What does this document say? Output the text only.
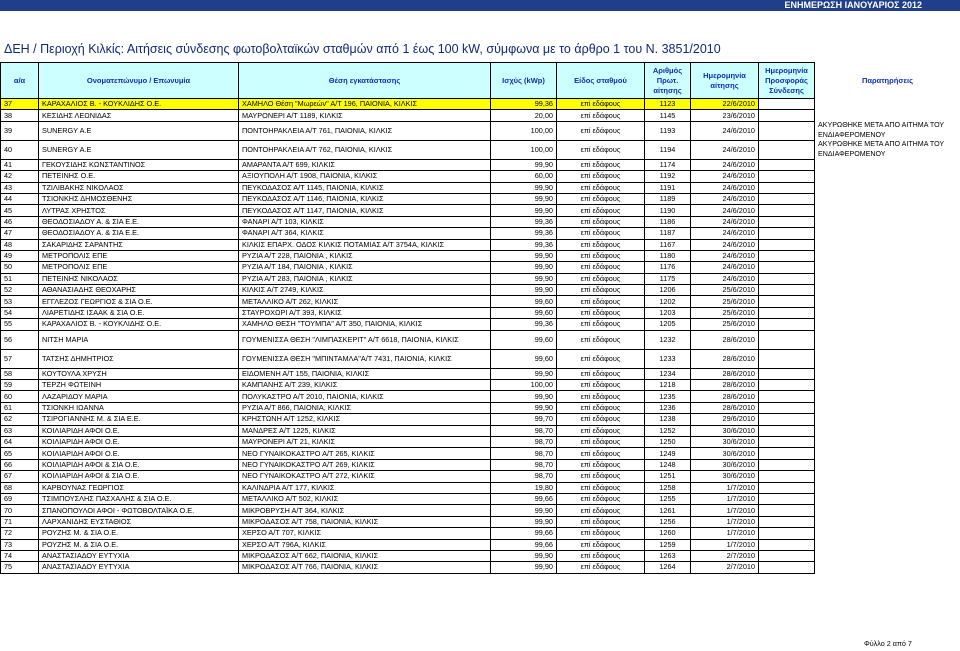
ΕΝΗΜΕΡΩΣΗ ΙΑΝΟΥΑΡΙΟΣ 2012
ΔΕΗ / Περιοχή Κιλκίς: Αιτήσεις σύνδεσης φωτοβολταϊκών σταθμών από 1 έως 100 kW, σύμφωνα με το άρθρο 1 του Ν. 3851/2010
α/α	Ονοματεπώνυμο / Επωνυμία	Θέση εγκατάστασης	Ισχύς (kWp)	Είδος σταθμού	Αριθμός Πρωτ. αίτησης	Ημερομηνία αίτησης	Ημερομηνία Προσφοράς Σύνδεσης	Παρατηρήσεις
37	ΚΑΡΑΧΑΛΙΟΣ Β. - ΚΟΥΚΛΙΔΗΣ Ο.Ε.	ΧΑΜΗΛΟ Θέση "Μωρεών" Α/Τ 196, ΠΑΙΟΝΙΑ, ΚΙΛΚΙΣ	99,36	επί εδάφους	1123	22/6/2010		
38	ΚΕΣΙΔΗΣ ΛΕΩΝΙΔΑΣ	ΜΑΥΡΟΝΕΡΙ Α/Τ 1189, ΚΙΛΚΙΣ	20,00	επί εδάφους	1145	23/6/2010		
39	SUNERGY A.E	ΠΟΝΤΟΗΡΑΚΛΕΙΑ Α/Τ 761, ΠΑΙΟΝΙΑ, ΚΙΛΚΙΣ	100,00	επί εδάφους	1193	24/6/2010		ΑΚΥΡΩΘΗΚΕ ΜΕΤΑ ΑΠΟ ΑΙΤΗΜΑ ΤΟΥ ΕΝΔΙΑΦΕΡΟΜΕΝΟΥ
40	SUNERGY A.E	ΠΟΝΤΟΗΡΑΚΛΕΙΑ Α/Τ 762, ΠΑΙΟΝΙΑ, ΚΙΛΚΙΣ	100,00	επί εδάφους	1194	24/6/2010		ΑΚΥΡΩΘΗΚΕ ΜΕΤΑ ΑΠΟ ΑΙΤΗΜΑ ΤΟΥ ΕΝΔΙΑΦΕΡΟΜΕΝΟΥ
41	ΓΕΚΟΥΣΙΔΗΣ ΚΩΝΣΤΑΝΤΙΝΟΣ	ΑΜΑΡΑΝΤΑ Α/Τ 699, ΚΙΛΚΙΣ	99,90	επί εδάφους	1174	24/6/2010		
42	ΠΕΤΕΙΝΗΣ Ο.Ε.	ΑΞΙΟΥΠΟΛΗ Α/Τ 1908, ΠΑΙΟΝΙΑ, ΚΙΛΚΙΣ	60,00	επί εδάφους	1192	24/6/2010		
43	ΤΖΙΛΙΒΑΚΗΣ ΝΙΚΟΛΑΟΣ	ΠΕΥΚΟΔΑΣΟΣ Α/Τ 1145, ΠΑΙΟΝΙΑ, ΚΙΛΚΙΣ	99,90	επί εδάφους	1191	24/6/2010		
44	ΤΣΙΟΝΚΗΣ ΔΗΜΟΣΘΕΝΗΣ	ΠΕΥΚΟΔΑΣΟΣ Α/Τ 1146, ΠΑΙΟΝΙΑ, ΚΙΛΚΙΣ	99,90	επί εδάφους	1189	24/6/2010		
45	ΛΥΤΡΑΣ ΧΡΗΣΤΟΣ	ΠΕΥΚΟΔΑΣΟΣ Α/Τ 1147, ΠΑΙΟΝΙΑ, ΚΙΛΚΙΣ	99,90	επί εδάφους	1190	24/6/2010		
46	ΘΕΟΔΟΣΙΑΔΟΥ Α. & ΣΙΑ Ε.Ε.	ΦΑΝΑΡΙ Α/Τ 103, ΚΙΛΚΙΣ	99,36	επί εδάφους	1186	24/6/2010		
47	ΘΕΟΔΟΣΙΑΔΟΥ Α. & ΣΙΑ Ε.Ε.	ΦΑΝΑΡΙ Α/Τ 364, ΚΙΛΚΙΣ	99,36	επί εδάφους	1187	24/6/2010		
48	ΣΑΚΑΡΙΔΗΣ ΣΑΡΑΝΤΗΣ	ΚΙΛΚΙΣ ΕΠΑΡΧ. ΟΔΟΣ ΚΙΛΚΙΣ ΠΟΤΑΜΙΑΣ Α/Τ 3754Α, ΚΙΛΚΙΣ	99,36	επί εδάφους	1167	24/6/2010		
49	ΜΕΤΡΟΠΟΛΙΣ ΕΠΕ	ΡΥΖΙΑ Α/Τ 228, ΠΑΙΟΝΙΑ , ΚΙΛΚΙΣ	99,90	επί εδάφους	1180	24/6/2010		
50	ΜΕΤΡΟΠΟΛΙΣ ΕΠΕ	ΡΥΖΙΑ Α/Τ 184, ΠΑΙΟΝΙΑ , ΚΙΛΚΙΣ	99,90	επί εδάφους	1176	24/6/2010		
51	ΠΕΤΕΙΝΗΣ ΝΙΚΟΛΑΟΣ	ΡΥΖΙΑ Α/Τ 283, ΠΑΙΟΝΙΑ , ΚΙΛΚΙΣ	99,90	επί εδάφους	1175	24/6/2010		
52	ΑΘΑΝΑΣΙΑΔΗΣ ΘΕΟΧΑΡΗΣ	ΚΙΛΚΙΣ Α/Τ 2749, ΚΙΛΚΙΣ	99,90	επί εδάφους	1206	25/6/2010		
53	ΕΓΓΛΕΖΟΣ ΓΕΩΡΓΙΟΣ & ΣΙΑ Ο.Ε.	ΜΕΤΑΛΛΙΚΟ Α/Τ 262, ΚΙΛΚΙΣ	99,60	επί εδάφους	1202	25/6/2010		
54	ΛΙΑΡΕΤΙΔΗΣ ΙΣΑΑΚ & ΣΙΑ Ο.Ε.	ΣΤΑΥΡΟΧΩΡΙ Α/Τ 393, ΚΙΛΚΙΣ	99,60	επί εδάφους	1203	25/6/2010		
55	ΚΑΡΑΧΑΛΙΟΣ Β. - ΚΟΥΚΛΙΔΗΣ Ο.Ε.	ΧΑΜΗΛΟ ΘΕΣΗ "ΤΟΥΜΠΑ" Α/Τ 350, ΠΑΙΟΝΙΑ, ΚΙΛΚΙΣ	99,36	επί εδάφους	1205	25/6/2010		
56	ΝΙΤΣΗ ΜΑΡΙΑ	ΓΟΥΜΕΝΙΣΣΑ ΘΕΣΗ "ΛΙΜΠΑΣΚΕΡΙΤ" Α/Τ 6618, ΠΑΙΟΝΙΑ, ΚΙΛΚΙΣ	99,60	επί εδάφους	1232	28/6/2010		
57	ΤΑΤΣΗΣ ΔΗΜΗΤΡΙΟΣ	ΓΟΥΜΕΝΙΣΣΑ ΘΕΣΗ "ΜΠΙΝΤΑΜΛΑ"Α/Τ 7431, ΠΑΙΟΝΙΑ, ΚΙΛΚΙΣ	99,60	επί εδάφους	1233	28/6/2010		
58	ΚΟΥΤΟΥΛΑ ΧΡΥΣΗ	ΕΙΔΟΜΕΝΗ Α/Τ 155, ΠΑΙΟΝΙΑ, ΚΙΛΚΙΣ	99,90	επί εδάφους	1234	28/6/2010		
59	ΤΕΡΖΗ ΦΩΤΕΙΝΗ	ΚΑΜΠΑΝΗΣ Α/Τ 239, ΚΙΛΚΙΣ	100,00	επί εδάφους	1218	28/6/2010		
60	ΛΑΖΑΡΙΔΟΥ ΜΑΡΙΑ	ΠΟΛΥΚΑΣΤΡΟ Α/Τ 2010, ΠΑΙΟΝΙΑ, ΚΙΛΚΙΣ	99,90	επί εδάφους	1235	28/6/2010		
61	ΤΣΙΟΝΚΗ ΙΩΑΝΝΑ	ΡΥΖΙΑ Α/Τ 866, ΠΑΙΟΝΙΑ, ΚΙΛΚΙΣ	99,90	επί εδάφους	1236	28/6/2010		
62	ΤΣΙΡΟΓΙΑΝΝΗΣ Μ. & ΣΙΑ Ε.Ε.	ΚΡΗΣΤΩΝΗ Α/Τ 1252, ΚΙΛΚΙΣ	99,70	επί εδάφους	1238	29/6/2010		
63	ΚΟΙΛΙΑΡΙΔΗ ΑΦΟΙ Ο.Ε.	ΜΑΝΔΡΕΣ Α/Τ 1225, ΚΙΛΚΙΣ	98,70	επί εδάφους	1252	30/6/2010		
64	ΚΟΙΛΙΑΡΙΔΗ ΑΦΟΙ Ο.Ε.	ΜΑΥΡΟΝΕΡΙ Α/Τ 21, ΚΙΛΚΙΣ	98,70	επί εδάφους	1250	30/6/2010		
65	ΚΟΙΛΙΑΡΙΔΗ ΑΦΟΙ Ο.Ε.	ΝΕΟ ΓΥΝΑΙΚΟΚΑΣΤΡΟ Α/Τ 265, ΚΙΛΚΙΣ	98,70	επί εδάφους	1249	30/6/2010		
66	ΚΟΙΛΙΑΡΙΔΗ ΑΦΟΙ & ΣΙΑ Ο.Ε.	ΝΕΟ ΓΥΝΑΙΚΟΚΑΣΤΡΟ Α/Τ 269, ΚΙΛΚΙΣ	98,70	επί εδάφους	1248	30/6/2010		
67	ΚΟΙΛΙΑΡΙΔΗ ΑΦΟΙ & ΣΙΑ Ο.Ε.	ΝΕΟ ΓΥΝΑΙΚΟΚΑΣΤΡΟ Α/Τ 272, ΚΙΛΚΙΣ	98,70	επί εδάφους	1251	30/6/2010		
68	ΚΑΡΒΟΥΝΑΣ ΓΕΩΡΓΙΟΣ	ΚΑΛΙΝΔΡΙΑ Α/Τ 177, ΚΙΛΚΙΣ	19,80	επί εδάφους	1258	1/7/2010		
69	ΤΣΙΜΠΟΥΣΛΗΣ ΠΑΣΧΑΛΗΣ & ΣΙΑ Ο.Ε.	ΜΕΤΑΛΛΙΚΟ Α/Τ 502, ΚΙΛΚΙΣ	99,66	επί εδάφους	1255	1/7/2010		
70	ΣΠΑΝΟΠΟΥΛΟΙ ΑΦΟΙ - ΦΩΤΟΒΟΛΤΑΪΚΑ Ο.Ε.	ΜΙΚΡΟΒΡΥΣΗ Α/Τ 364, ΚΙΛΚΙΣ	99,90	επί εδάφους	1261	1/7/2010		
71	ΛΑΡΧΑΝΙΔΗΣ ΕΥΣΤΑΘΙΟΣ	ΜΙΚΡΟΔΑΣΟΣ Α/Τ 758, ΠΑΙΟΝΙΑ, ΚΙΛΚΙΣ	99,90	επί εδάφους	1256	1/7/2010		
72	ΡΟΥΖΗΣ Μ. & ΣΙΑ Ο.Ε.	ΧΕΡΣΟ Α/Τ 707, ΚΙΛΚΙΣ	99,66	επί εδάφους	1260	1/7/2010		
73	ΡΟΥΖΗΣ Μ. & ΣΙΑ Ο.Ε.	ΧΕΡΣΟ Α/Τ 796Α, ΚΙΛΚΙΣ	99,66	επί εδάφους	1259	1/7/2010		
74	ΑΝΑΣΤΑΣΙΑΔΟΥ ΕΥΤΥΧΙΑ	ΜΙΚΡΟΔΑΣΟΣ Α/Τ 662, ΠΑΙΟΝΙΑ, ΚΙΛΚΙΣ	99,90	επί εδάφους	1263	2/7/2010		
75	ΑΝΑΣΤΑΣΙΑΔΟΥ ΕΥΤΥΧΙΑ	ΜΙΚΡΟΔΑΣΟΣ Α/Τ 766, ΠΑΙΟΝΙΑ, ΚΙΛΚΙΣ	99,90	επί εδάφους	1264	2/7/2010		
Φύλλο 2 από 7
